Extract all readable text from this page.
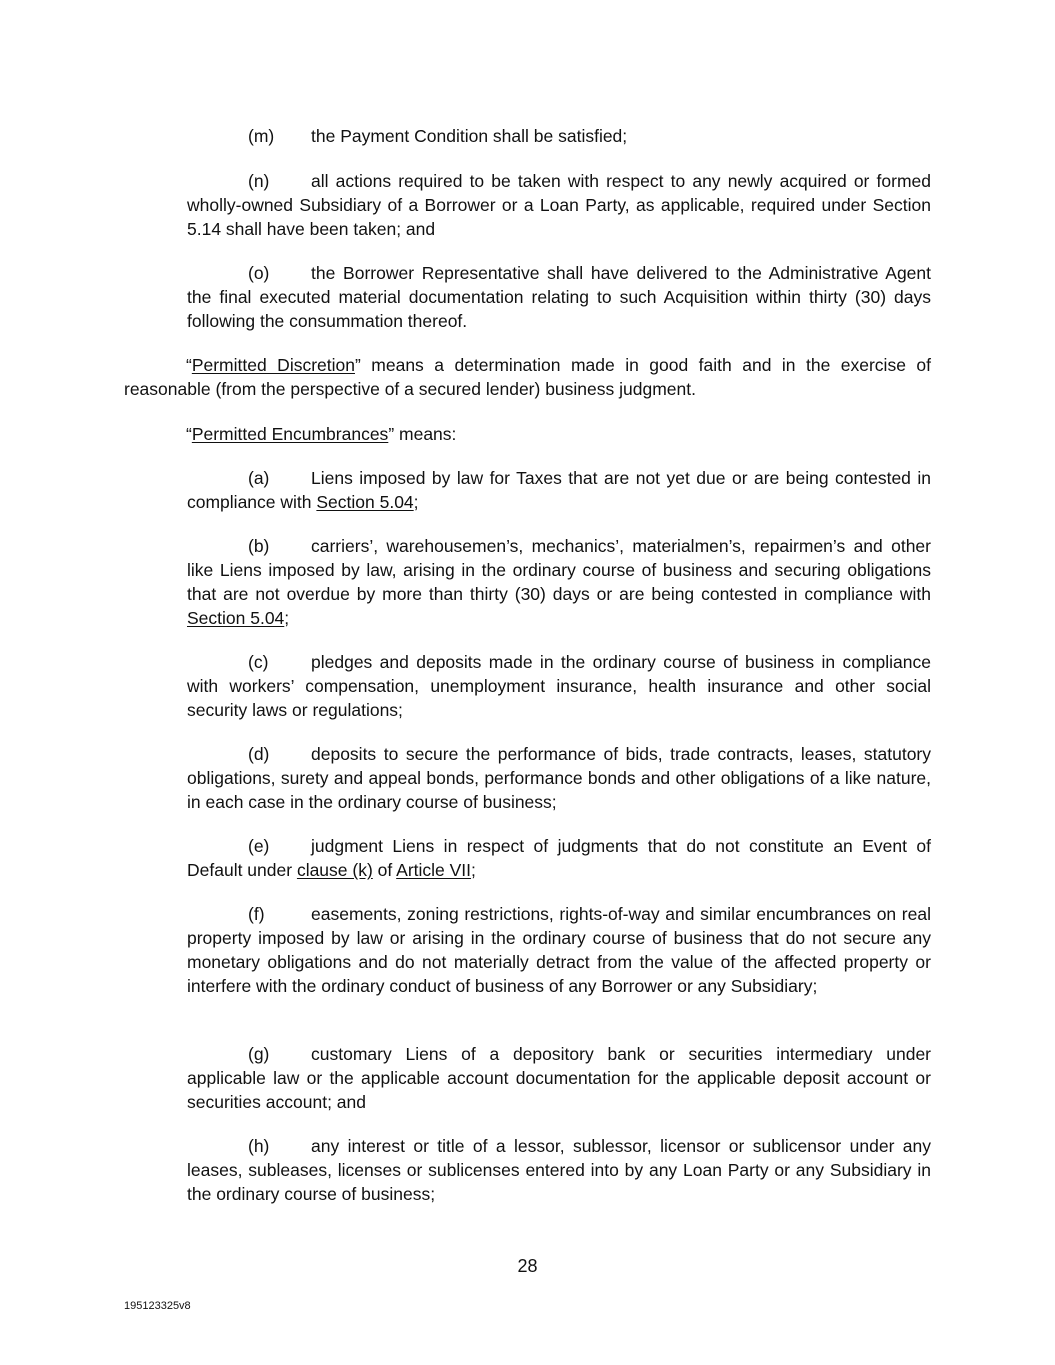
(m) the Payment Condition shall be satisfied;

(n) all actions required to be taken with respect to any newly acquired or formed wholly-owned Subsidiary of a Borrower or a Loan Party, as applicable, required under Section 5.14 shall have been taken; and

(o) the Borrower Representative shall have delivered to the Administrative Agent the final executed material documentation relating to such Acquisition within thirty (30) days following the consummation thereof.

“Permitted Discretion” means a determination made in good faith and in the exercise of reasonable (from the perspective of a secured lender) business judgment.

“Permitted Encumbrances” means:

(a) Liens imposed by law for Taxes that are not yet due or are being contested in compliance with Section 5.04;

(b) carriers’, warehousemen’s, mechanics’, materialmen’s, repairmen’s and other like Liens imposed by law, arising in the ordinary course of business and securing obligations that are not overdue by more than thirty (30) days or are being contested in compliance with Section 5.04;

(c) pledges and deposits made in the ordinary course of business in compliance with workers’ compensation, unemployment insurance, health insurance and other social security laws or regulations;

(d) deposits to secure the performance of bids, trade contracts, leases, statutory obligations, surety and appeal bonds, performance bonds and other obligations of a like nature, in each case in the ordinary course of business;

(e) judgment Liens in respect of judgments that do not constitute an Event of Default under clause (k) of Article VII;

(f)	easements, zoning restrictions, rights-of-way and similar encumbrances on real property imposed by law or arising in the ordinary course of business that do not secure any monetary obligations and do not materially detract from the value of the affected property or interfere with the ordinary conduct of business of any Borrower or any Subsidiary;

(g) customary Liens of a depository bank or securities intermediary under applicable law or the applicable account documentation for the applicable deposit account or securities account; and

(h) any interest or title of a lessor, sublessor, licensor or sublicensor under any leases, subleases, licenses or sublicenses entered into by any Loan Party or any Subsidiary in the ordinary course of business;

28
195123325v8
